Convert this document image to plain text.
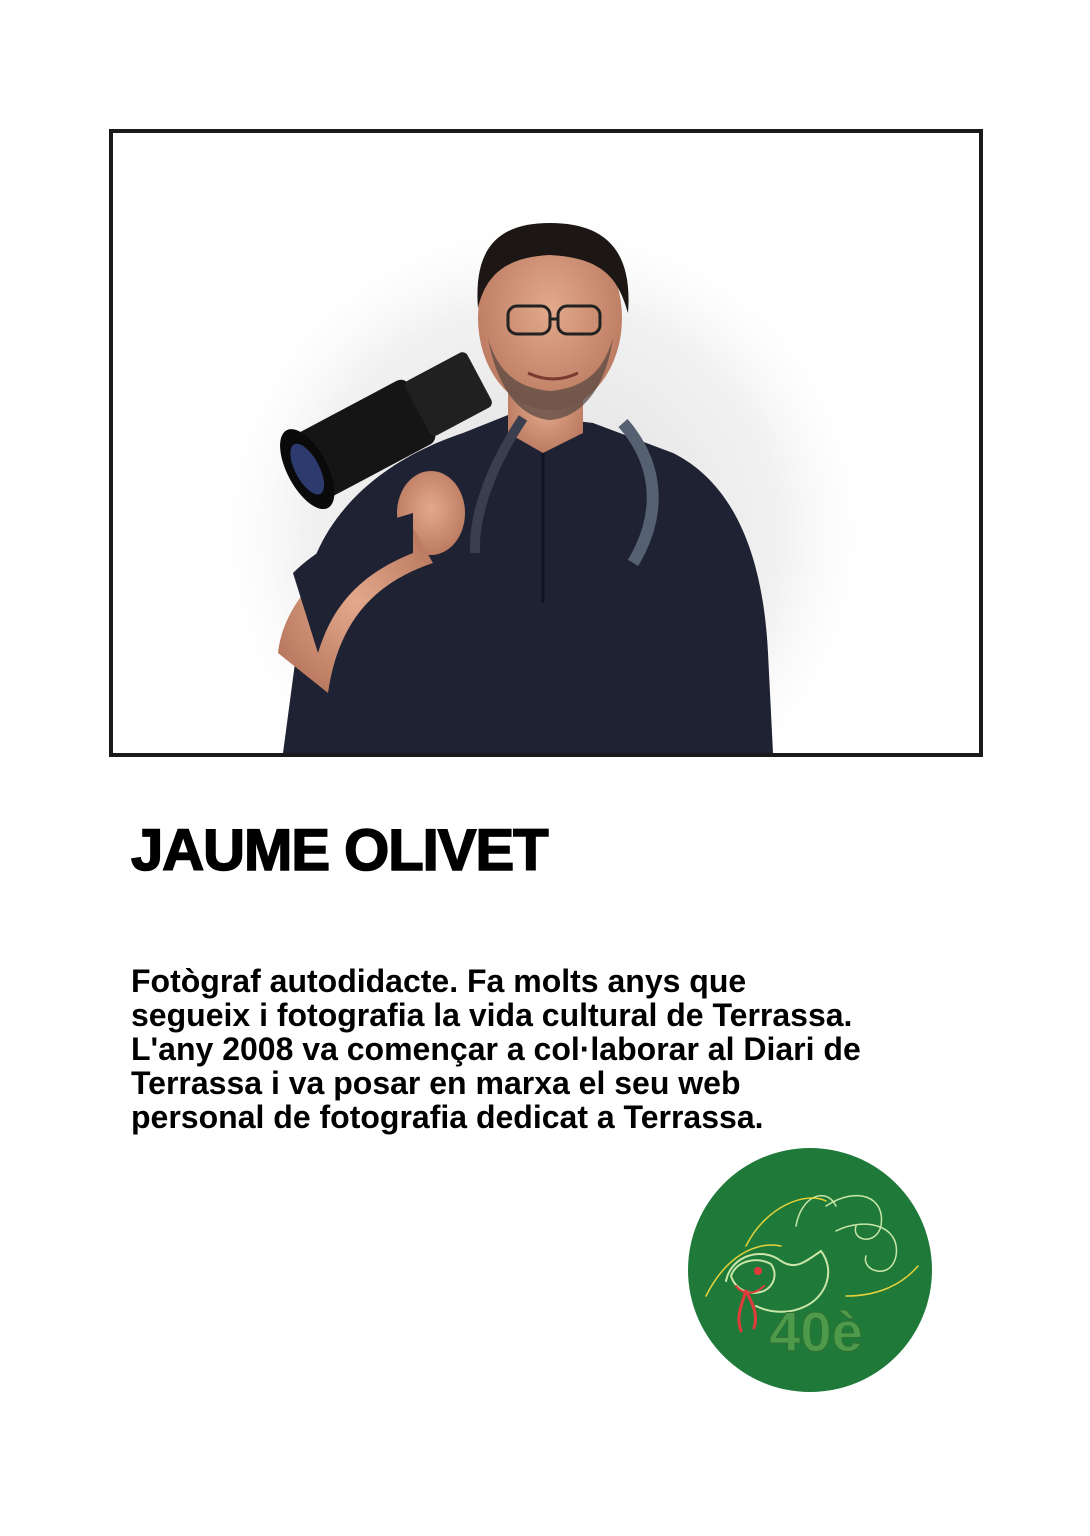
JAUME OLIVET
Fotògraf autodidacte. Fa molts anys que
segueix i fotografia la vida cultural de Terrassa.
L'any 2008 va començar a col·laborar al Diari de
Terrassa i va posar en marxa el seu web
personal de fotografia dedicat a Terrassa.
40è
